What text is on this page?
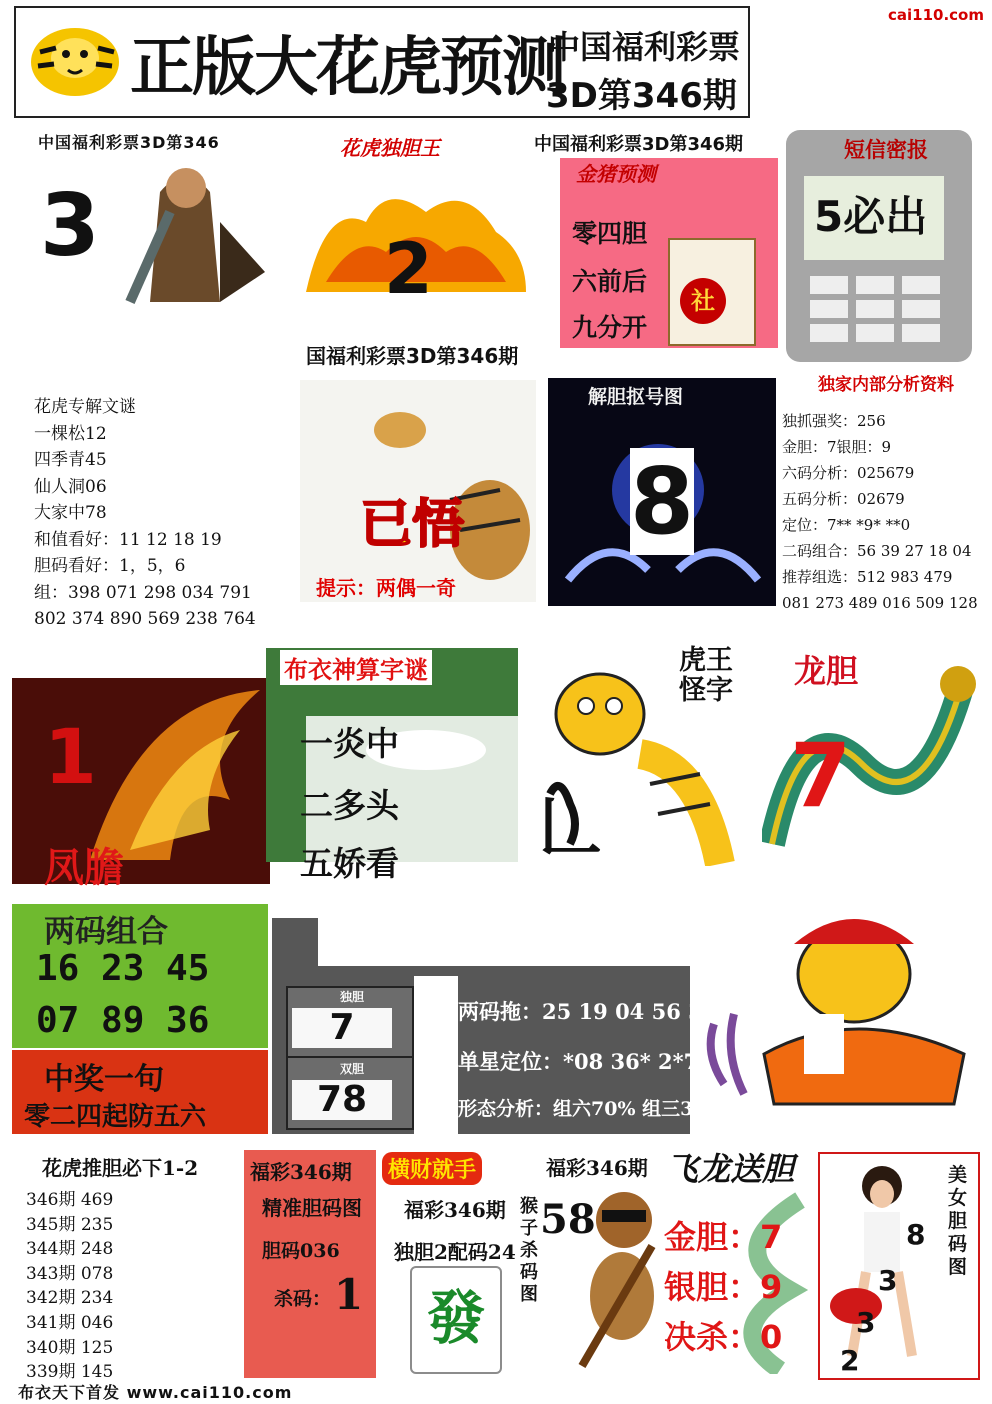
cai110.com
正版大花虎预测
中国福利彩票
3D第346期
中国福利彩票3D第346
3
花虎独胆王
2
国福利彩票3D第346期
中国福利彩票3D第346期
金猪预测
零四胆
六前后
九分开
社
短信密报
5必出
花虎专解文谜
一棵松12
四季青45
仙人洞06
大家中78
和值看好：11 12 18 19
胆码看好：1，5，6
组：398 071 298 034 791
802 374 890 569 238 764
已悟
提示：两偶一奇
解胆抠号图
8
独家内部分析资料
独抓强奖：256
金胆：7银胆：9
六码分析：025679
五码分析：02679
定位：7** *9* **0
二码组合：56 39 27 18 04
推荐组选：512 983 479
081 273 489 016 509 128
1
凤膽
布衣神算字谜
一炎中
二多头
五娇看
虎王怪字
𠃊
龙胆
7
两码组合
16 23 45
07 89 36
中奖一句
零二四起防五六
独胆
双胆
7
78
两码拖：25 19 04 56 37
单星定位：*08 36* 2*7
形态分析：组六70% 组三30%
花虎推胆必下1-2
346期 469
345期 235
344期 248
343期 078
342期 234
341期 046
340期 125
339期 145
福彩346期
精准胆码图
胆码036
杀码： 1
横财就手
福彩346期
独胆2配码24
發
福彩346期
猴子杀码图
58
飞龙送胆
金胆：7
银胆：9
决杀：0
美女胆码图
8
3
3
2
布衣天下首发 www.cai110.com
